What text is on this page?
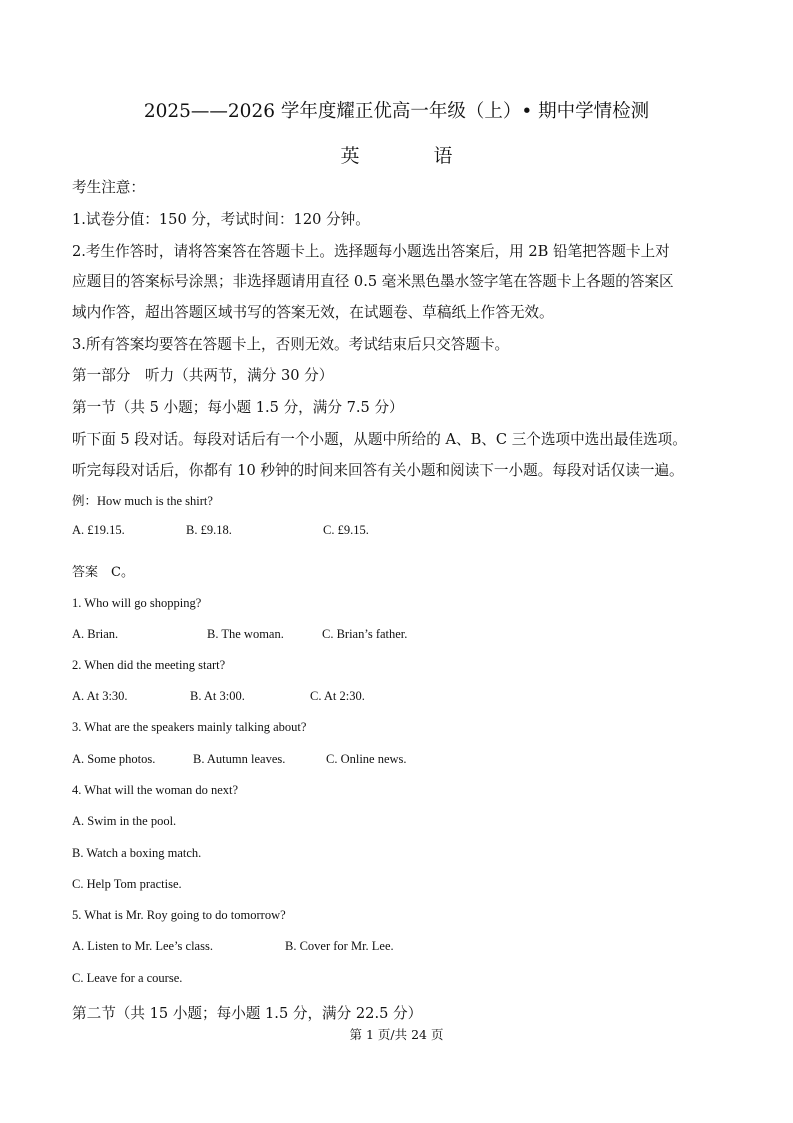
2025——2026 学年度耀正优高一年级（上）• 期中学情检测
英 语
考生注意：
1.试卷分值：150 分，考试时间：120 分钟。
2.考生作答时，请将答案答在答题卡上。选择题每小题选出答案后，用 2B 铅笔把答题卡上对
应题目的答案标号涂黑；非选择题请用直径 0.5 毫米黑色墨水签字笔在答题卡上各题的答案区
域内作答，超出答题区域书写的答案无效，在试题卷、草稿纸上作答无效。
3.所有答案均要答在答题卡上，否则无效。考试结束后只交答题卡。
第一部分　听力（共两节，满分 30 分）
第一节（共 5 小题；每小题 1.5 分，满分 7.5 分）
听下面 5 段对话。每段对话后有一个小题，从题中所给的 A、B、C 三个选项中选出最佳选项。
听完每段对话后，你都有 10 秒钟的时间来回答有关小题和阅读下一小题。每段对话仅读一遍。
例：How much is the shirt?
A. £19.15.	B. £9.18.	C. £9.15.
答案　C。
1. Who will go shopping?
A. Brian.	B. The woman.	C. Brian’s father.
2. When did the meeting start?
A. At 3:30.	B. At 3:00.	C. At 2:30.
3. What are the speakers mainly talking about?
A. Some photos.	B. Autumn leaves.	C. Online news.
4. What will the woman do next?
A. Swim in the pool.
B. Watch a boxing match.
C. Help Tom practise.
5. What is Mr. Roy going to do tomorrow?
A. Listen to Mr. Lee’s class.	B. Cover for Mr. Lee.
C. Leave for a course.
第二节（共 15 小题；每小题 1.5 分，满分 22.5 分）
第 1 页/共 24 页
